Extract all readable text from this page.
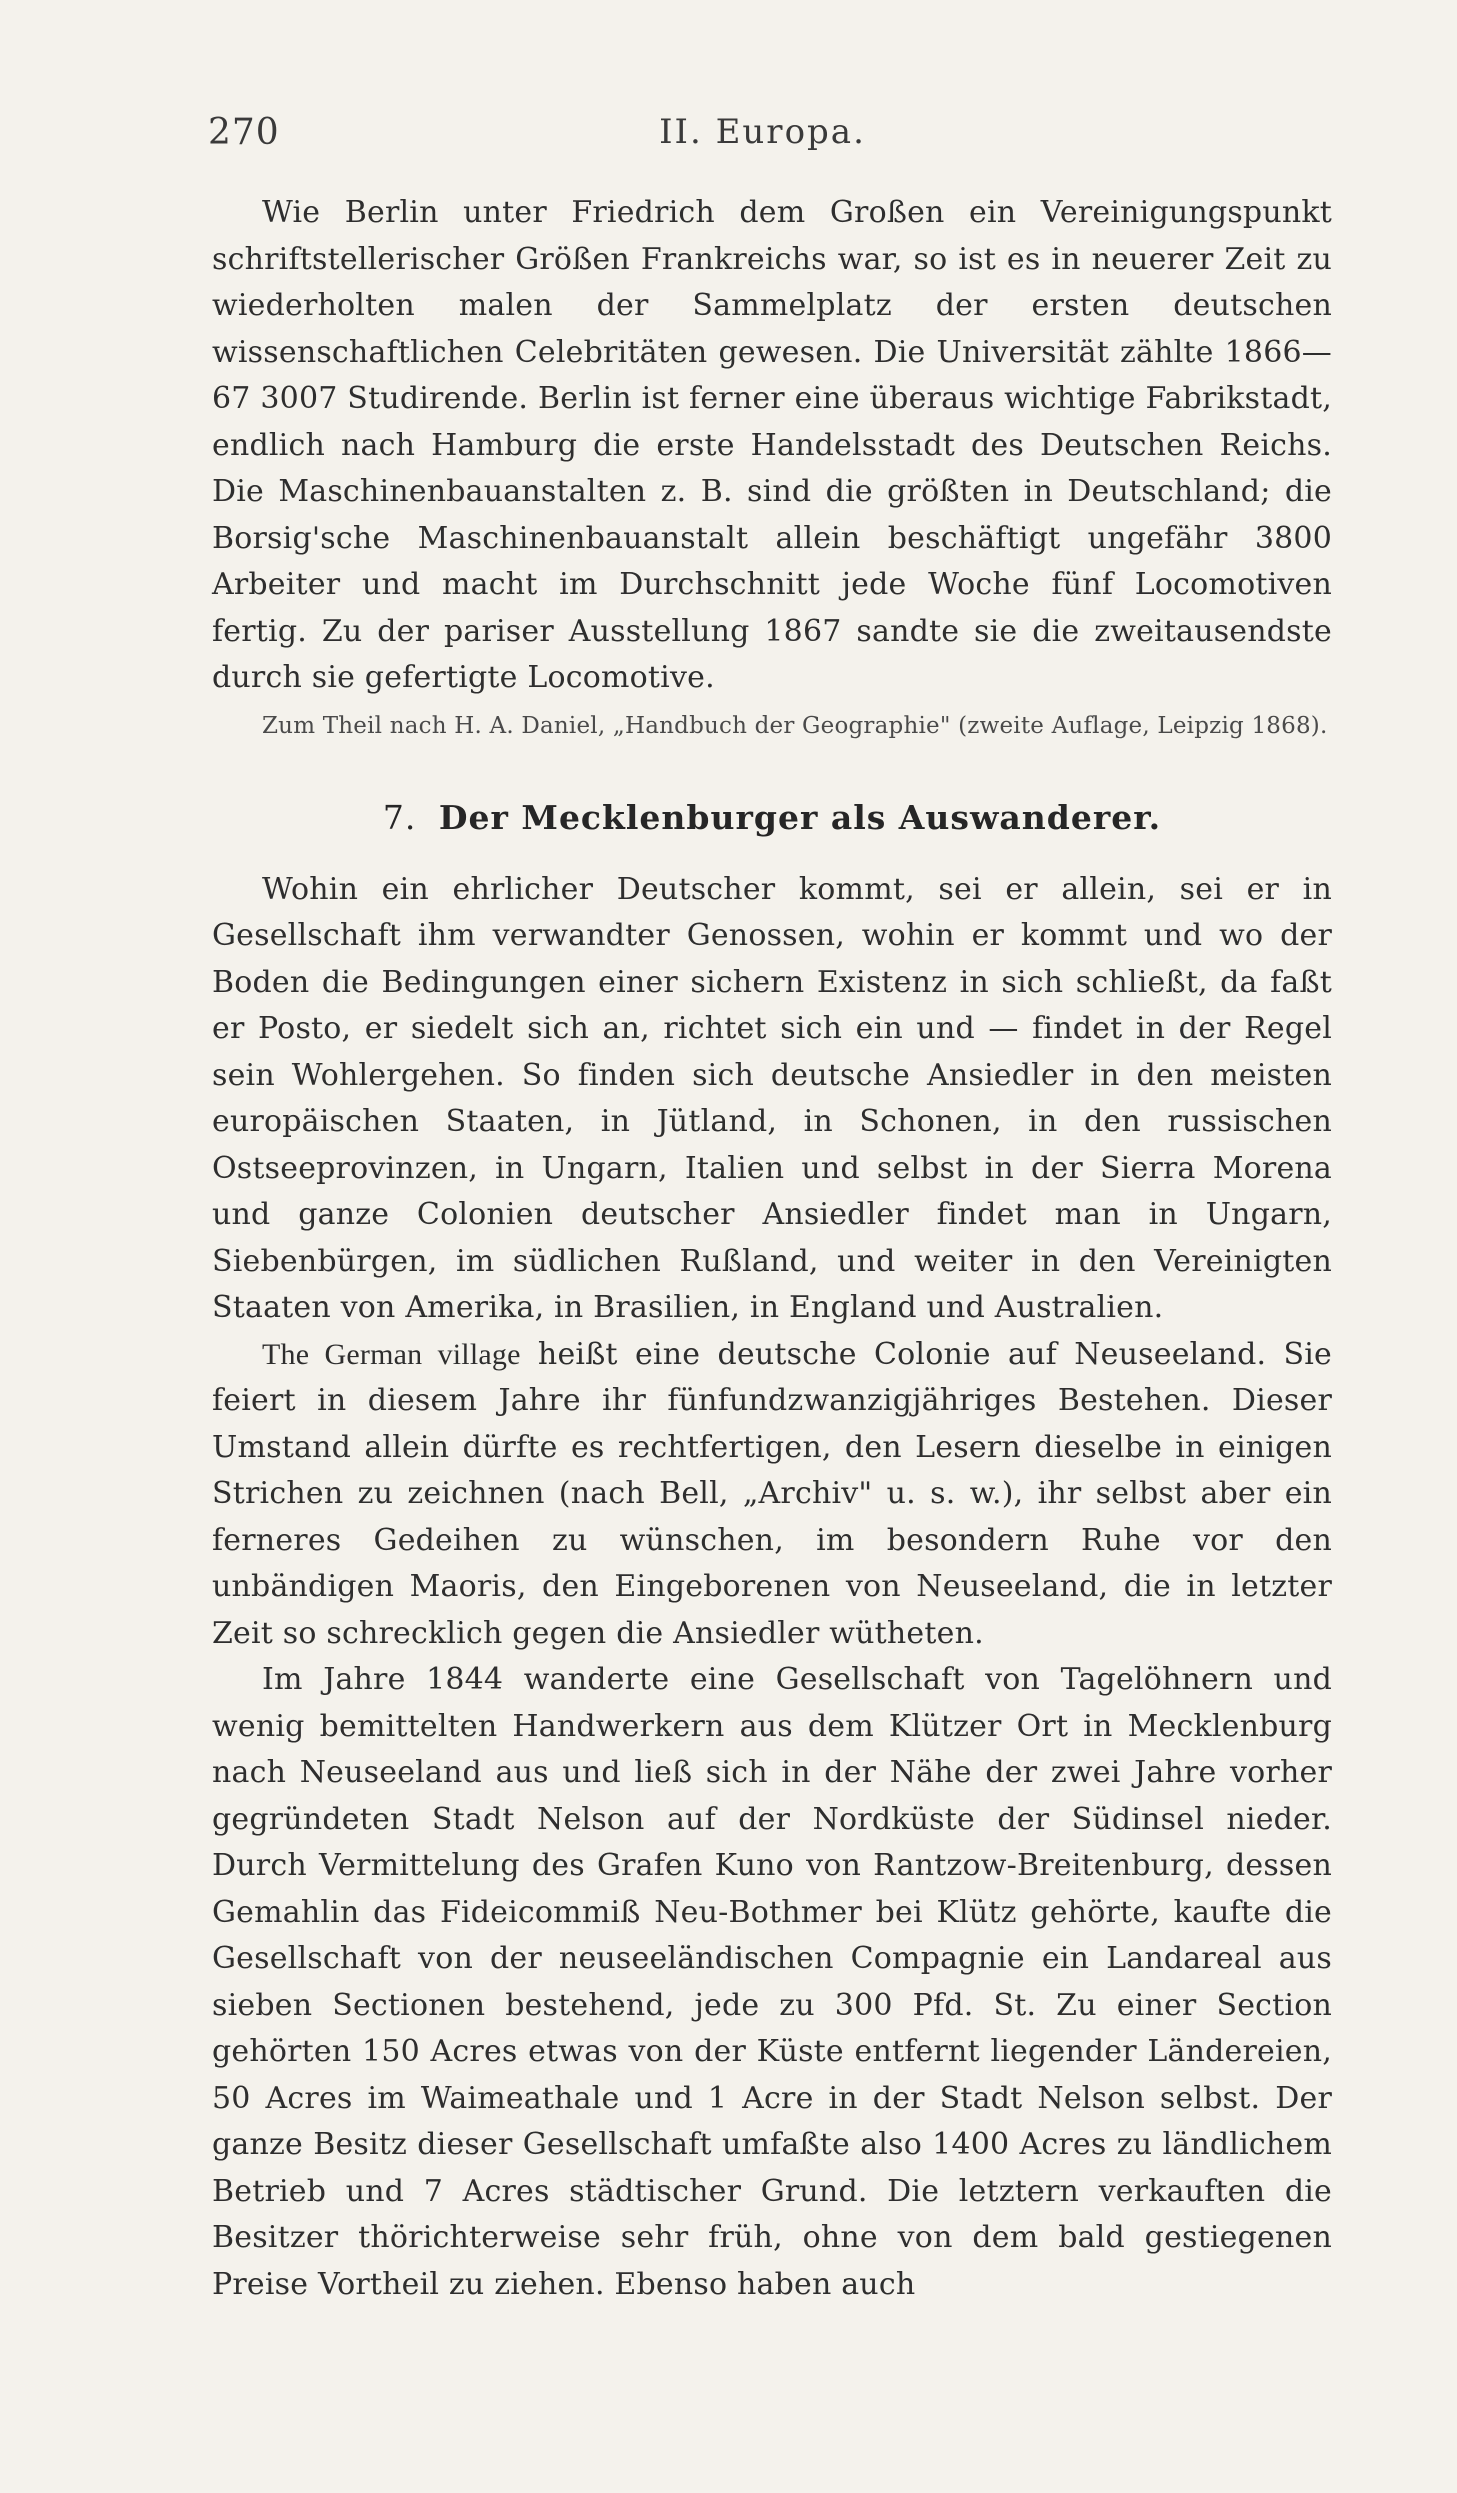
270	II. Europa.

Wie Berlin unter Friedrich dem Großen ein Vereinigungspunkt schriftstellerischer Größen Frankreichs war, so ist es in neuerer Zeit zu wiederholten malen der Sammelplatz der ersten deutschen wissenschaftlichen Celebritäten gewesen. Die Universität zählte 1866—67 3007 Studirende. Berlin ist ferner eine überaus wichtige Fabrikstadt, endlich nach Hamburg die erste Handelsstadt des Deutschen Reichs. Die Maschinenbauanstalten z. B. sind die größten in Deutschland; die Borsig'sche Maschinenbauanstalt allein beschäftigt ungefähr 3800 Arbeiter und macht im Durchschnitt jede Woche fünf Locomotiven fertig. Zu der pariser Ausstellung 1867 sandte sie die zweitausendste durch sie gefertigte Locomotive.

Zum Theil nach H. A. Daniel, „Handbuch der Geographie" (zweite Auflage, Leipzig 1868).

7. Der Mecklenburger als Auswanderer.

Wohin ein ehrlicher Deutscher kommt, sei er allein, sei er in Gesellschaft ihm verwandter Genossen, wohin er kommt und wo der Boden die Bedingungen einer sichern Existenz in sich schließt, da faßt er Posto, er siedelt sich an, richtet sich ein und — findet in der Regel sein Wohlergehen. So finden sich deutsche Ansiedler in den meisten europäischen Staaten, in Jütland, in Schonen, in den russischen Ostseeprovinzen, in Ungarn, Italien und selbst in der Sierra Morena und ganze Colonien deutscher Ansiedler findet man in Ungarn, Siebenbürgen, im südlichen Rußland, und weiter in den Vereinigten Staaten von Amerika, in Brasilien, in England und Australien.

The German village heißt eine deutsche Colonie auf Neuseeland. Sie feiert in diesem Jahre ihr fünfundzwanzigjähriges Bestehen. Dieser Umstand allein dürfte es rechtfertigen, den Lesern dieselbe in einigen Strichen zu zeichnen (nach Bell, „Archiv" u. s. w.), ihr selbst aber ein ferneres Gedeihen zu wünschen, im besondern Ruhe vor den unbändigen Maoris, den Eingeborenen von Neuseeland, die in letzter Zeit so schrecklich gegen die Ansiedler wütheten.

Im Jahre 1844 wanderte eine Gesellschaft von Tagelöhnern und wenig bemittelten Handwerkern aus dem Klützer Ort in Mecklenburg nach Neuseeland aus und ließ sich in der Nähe der zwei Jahre vorher gegründeten Stadt Nelson auf der Nordküste der Südinsel nieder. Durch Vermittelung des Grafen Kuno von Rantzow-Breitenburg, dessen Gemahlin das Fideicommiß Neu-Bothmer bei Klütz gehörte, kaufte die Gesellschaft von der neuseeländischen Compagnie ein Landareal aus sieben Sectionen bestehend, jede zu 300 Pfd. St. Zu einer Section gehörten 150 Acres etwas von der Küste entfernt liegender Ländereien, 50 Acres im Waimeathale und 1 Acre in der Stadt Nelson selbst. Der ganze Besitz dieser Gesellschaft umfaßte also 1400 Acres zu ländlichem Betrieb und 7 Acres städtischer Grund. Die letztern verkauften die Besitzer thörichterweise sehr früh, ohne von dem bald gestiegenen Preise Vortheil zu ziehen. Ebenso haben auch
